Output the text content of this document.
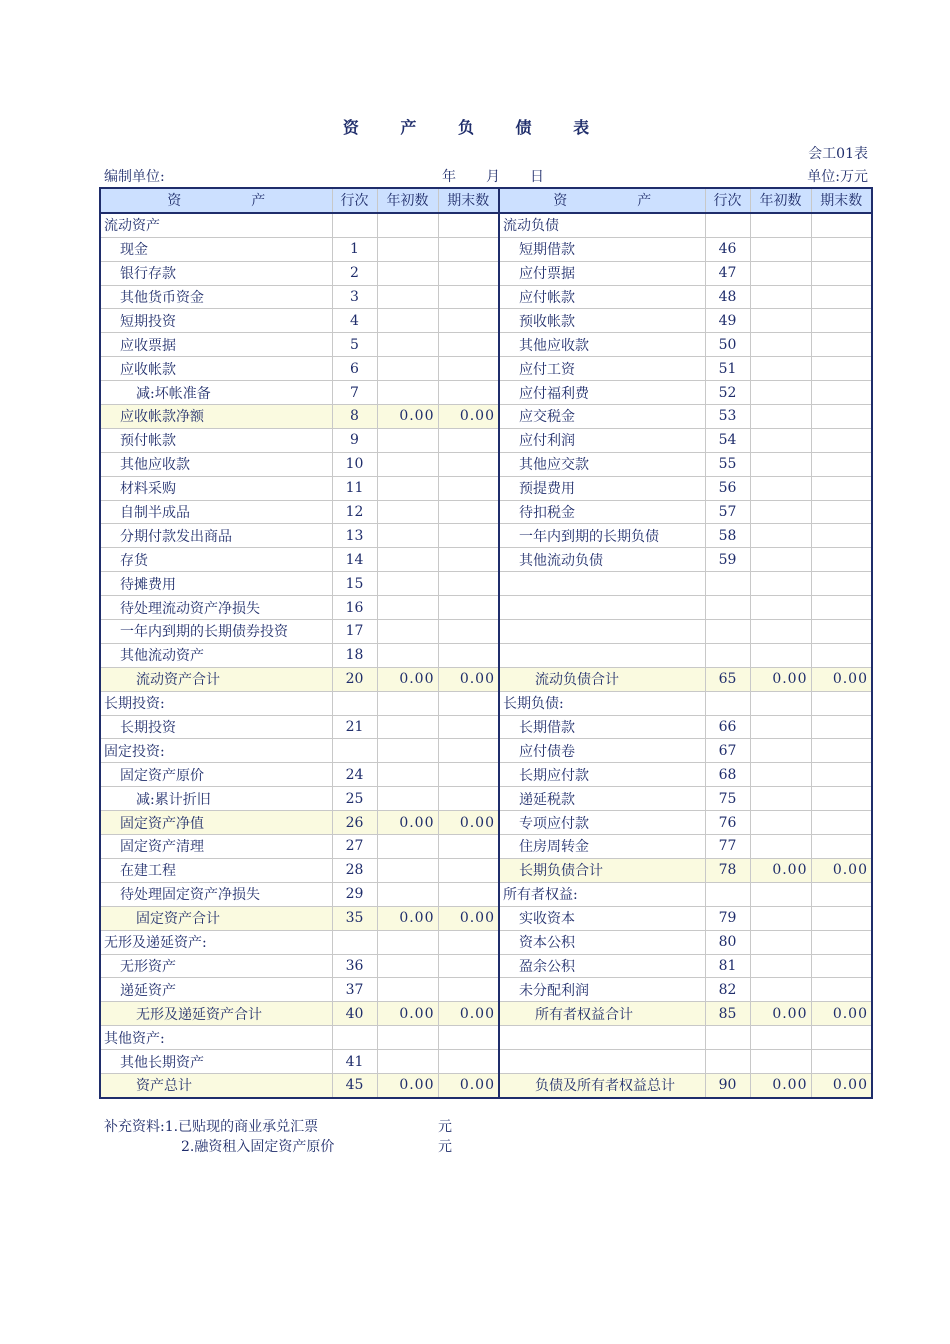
资 产 负 债 表
会工01表
编制单位:	年 月 日	单位:万元
资　　　　　产	行次	年初数	期末数	资　　　　　产	行次	年初数	期末数
流动资产				流动负债			
现金	1			短期借款	46		
银行存款	2			应付票据	47		
其他货币资金	3			应付帐款	48		
短期投资	4			预收帐款	49		
应收票据	5			其他应收款	50		
应收帐款	6			应付工资	51		
减:坏帐准备	7			应付福利费	52		
应收帐款净额	8	0.00	0.00	应交税金	53		
预付帐款	9			应付利润	54		
其他应收款	10			其他应交款	55		
材料采购	11			预提费用	56		
自制半成品	12			待扣税金	57		
分期付款发出商品	13			一年内到期的长期负债	58		
存货	14			其他流动负债	59		
待摊费用	15						
待处理流动资产净损失	16						
一年内到期的长期债券投资	17						
其他流动资产	18						
流动资产合计	20	0.00	0.00	流动负债合计	65	0.00	0.00
长期投资:				长期负债:			
长期投资	21			长期借款	66		
固定投资:				应付债卷	67		
固定资产原价	24			长期应付款	68		
减:累计折旧	25			递延税款	75		
固定资产净值	26	0.00	0.00	专项应付款	76		
固定资产清理	27			住房周转金	77		
在建工程	28			长期负债合计	78	0.00	0.00
待处理固定资产净损失	29			所有者权益:			
固定资产合计	35	0.00	0.00	实收资本	79		
无形及递延资产:				资本公积	80		
无形资产	36			盈余公积	81		
递延资产	37			未分配利润	82		
无形及递延资产合计	40	0.00	0.00	所有者权益合计	85	0.00	0.00
其他资产:							
其他长期资产	41						
资产总计	45	0.00	0.00	负债及所有者权益总计	90	0.00	0.00
补充资料:1.已贴现的商业承兑汇票	元
2.融资租入固定资产原价	元
